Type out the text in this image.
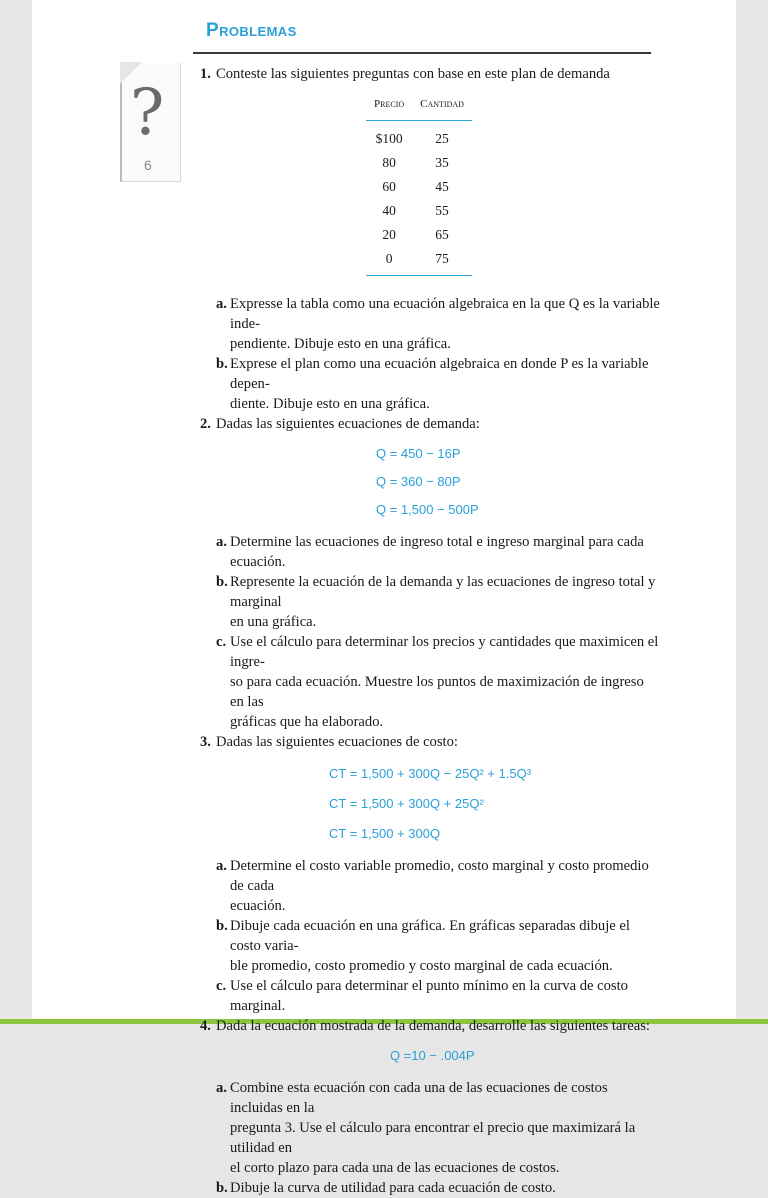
Problemas
?
6
1. Conteste las siguientes preguntas con base en este plan de demanda
Precio	Cantidad
$100	25
80	35
60	45
40	55
20	65
0	75
a. Expresse la tabla como una ecuación algebraica en la que Q es la variable inde-
pendiente. Dibuje esto en una gráfica.
b. Exprese el plan como una ecuación algebraica en donde P es la variable depen-
diente. Dibuje esto en una gráfica.
2. Dadas las siguientes ecuaciones de demanda:
Q = 450 − 16P
Q = 360 − 80P
Q = 1,500 − 500P
a. Determine las ecuaciones de ingreso total e ingreso marginal para cada ecuación.
b. Represente la ecuación de la demanda y las ecuaciones de ingreso total y marginal
en una gráfica.
c. Use el cálculo para determinar los precios y cantidades que maximicen el ingre-
so para cada ecuación. Muestre los puntos de maximización de ingreso en las
gráficas que ha elaborado.
3. Dadas las siguientes ecuaciones de costo:
CT = 1,500 + 300Q − 25Q² + 1.5Q³
CT = 1,500 + 300Q + 25Q²
CT = 1,500 + 300Q
a. Determine el costo variable promedio, costo marginal y costo promedio de cada
ecuación.
b. Dibuje cada ecuación en una gráfica. En gráficas separadas dibuje el costo varia-
ble promedio, costo promedio y costo marginal de cada ecuación.
c. Use el cálculo para determinar el punto mínimo en la curva de costo marginal.
4. Dada la ecuación mostrada de la demanda, desarrolle las siguientes tareas:
Q =10 − .004P
a. Combine esta ecuación con cada una de las ecuaciones de costos incluidas en la
pregunta 3. Use el cálculo para encontrar el precio que maximizará la utilidad en
el corto plazo para cada una de las ecuaciones de costos.
b. Dibuje la curva de utilidad para cada ecuación de costo.
